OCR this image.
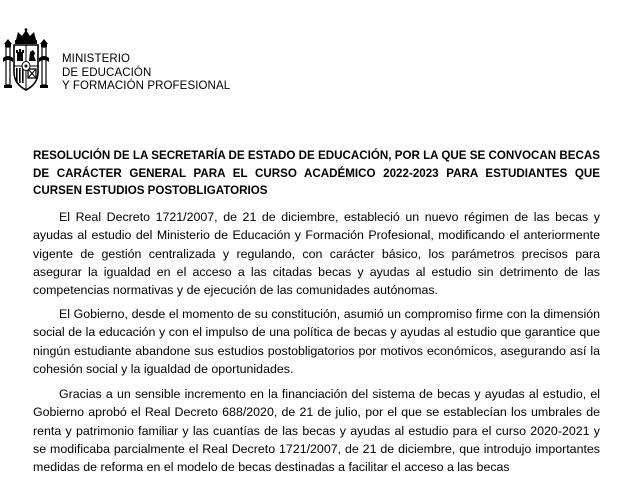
MINISTERIO
DE EDUCACIÓN
Y FORMACIÓN PROFESIONAL
RESOLUCIÓN DE LA SECRETARÍA DE ESTADO DE EDUCACIÓN, POR LA QUE SE CONVOCAN BECAS DE CARÁCTER GENERAL PARA EL CURSO ACADÉMICO 2022-2023 PARA ESTUDIANTES QUE CURSEN ESTUDIOS POSTOBLIGATORIOS

El Real Decreto 1721/2007, de 21 de diciembre, estableció un nuevo régimen de las becas y ayudas al estudio del Ministerio de Educación y Formación Profesional, modificando el anteriormente vigente de gestión centralizada y regulando, con carácter básico, los parámetros precisos para asegurar la igualdad en el acceso a las citadas becas y ayudas al estudio sin detrimento de las competencias normativas y de ejecución de las comunidades autónomas.

El Gobierno, desde el momento de su constitución, asumió un compromiso firme con la dimensión social de la educación y con el impulso de una política de becas y ayudas al estudio que garantice que ningún estudiante abandone sus estudios postobligatorios por motivos económicos, asegurando así la cohesión social y la igualdad de oportunidades.

Gracias a un sensible incremento en la financiación del sistema de becas y ayudas al estudio, el Gobierno aprobó el Real Decreto 688/2020, de 21 de julio, por el que se establecían los umbrales de renta y patrimonio familiar y las cuantías de las becas y ayudas al estudio para el curso 2020-2021 y se modificaba parcialmente el Real Decreto 1721/2007, de 21 de diciembre, que introdujo importantes medidas de reforma en el modelo de becas destinadas a facilitar el acceso a las becas
